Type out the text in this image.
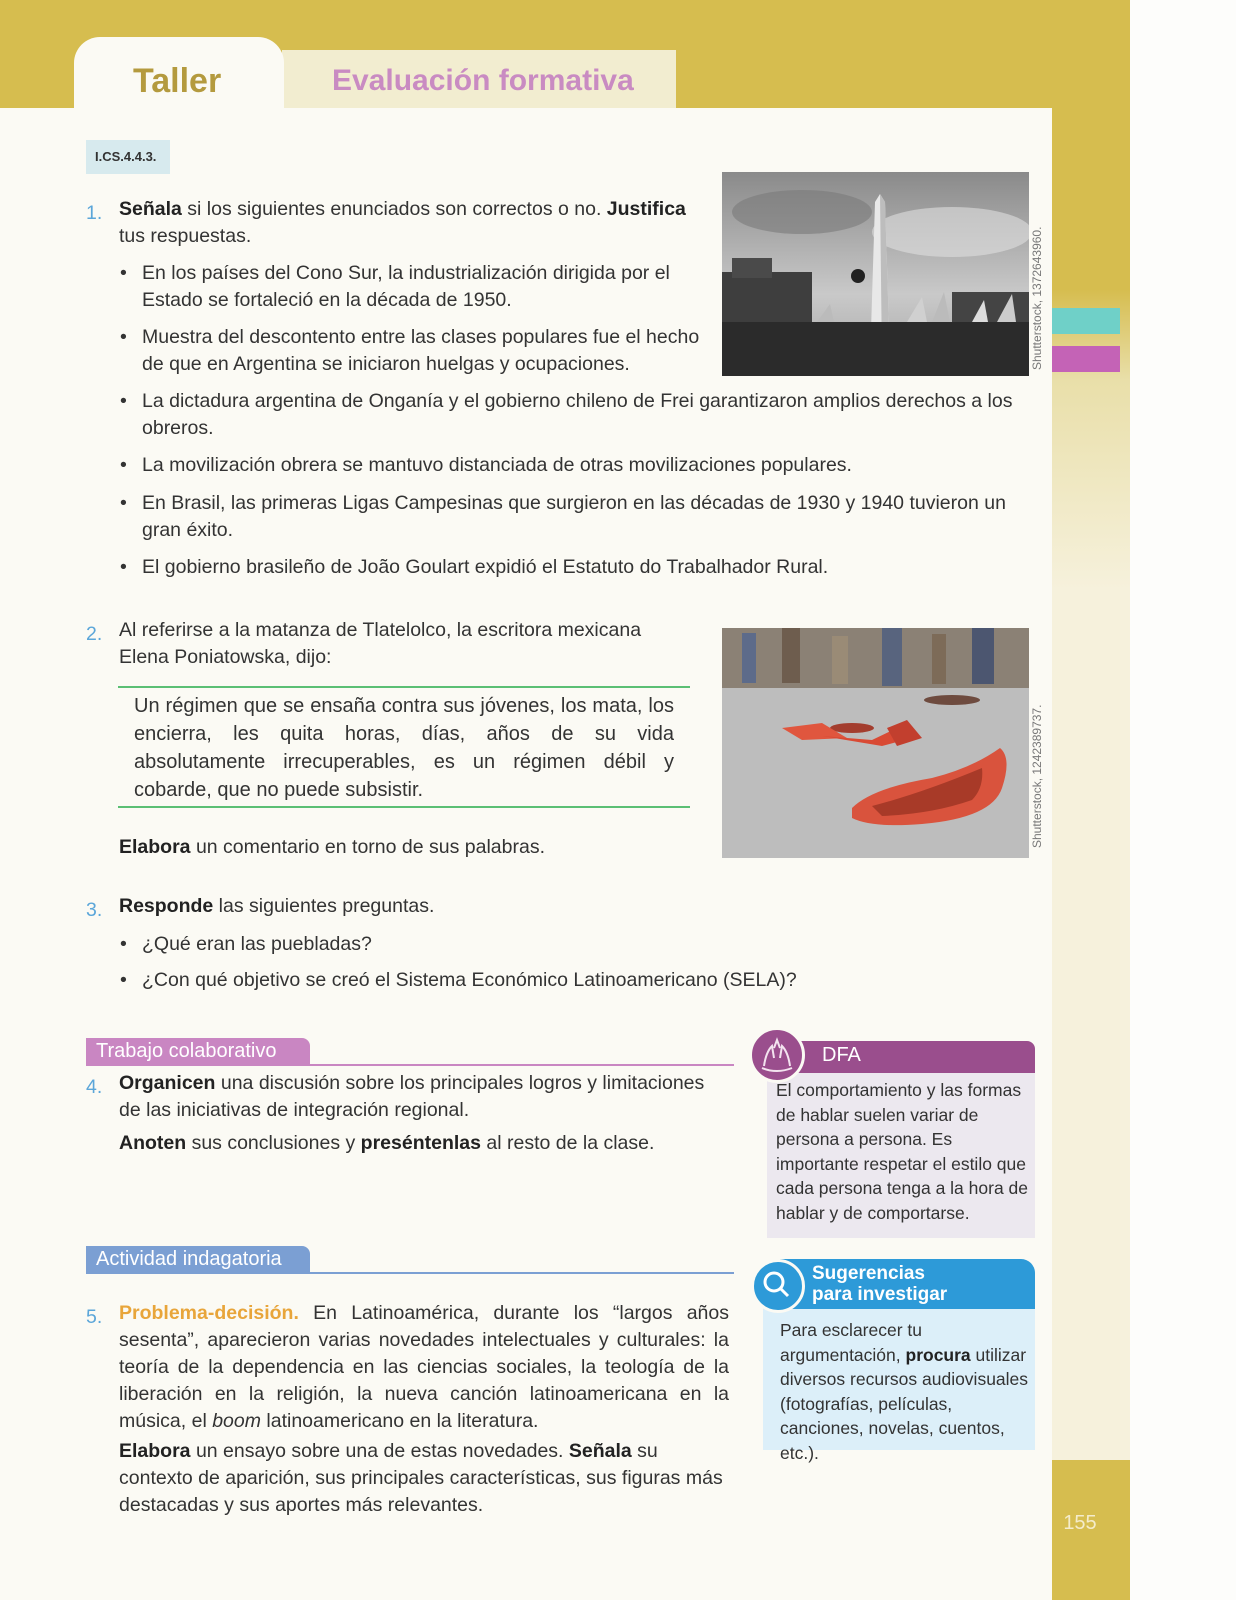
155
Evaluación formativa
Taller
I.CS.4.4.3.
1. Señala si los siguientes enunciados son correctos o no. Justifica tus respuestas.
• En los países del Cono Sur, la industrialización dirigida por el Estado se fortaleció en la década de 1950.
• Muestra del descontento entre las clases populares fue el hecho de que en Argentina se iniciaron huelgas y ocupaciones.
• La dictadura argentina de Onganía y el gobierno chileno de Frei garantizaron amplios derechos a los obreros.
• La movilización obrera se mantuvo distanciada de otras movilizaciones populares.
• En Brasil, las primeras Ligas Campesinas que surgieron en las décadas de 1930 y 1940 tuvieron un gran éxito.
• El gobierno brasileño de João Goulart expidió el Estatuto do Trabalhador Rural.
Shutterstock, 1372643960.
2. Al referirse a la matanza de Tlatelolco, la escritora mexicana Elena Poniatowska, dijo:
Un régimen que se ensaña contra sus jóvenes, los mata, los encierra, les quita horas, días, años de su vida absolutamente irrecuperables, es un régimen débil y cobarde, que no puede subsistir.
Elabora un comentario en torno de sus palabras.	Shutterstock, 1242389737.
3. Responde las siguientes preguntas.
• ¿Qué eran las puebladas?
• ¿Con qué objetivo se creó el Sistema Económico Latinoamericano (SELA)?
Trabajo colaborativo
4. Organicen una discusión sobre los principales logros y limitaciones de las iniciativas de integración regional.
Anoten sus conclusiones y preséntenlas al resto de la clase.
Actividad indagatoria
5. Problema-decisión. En Latinoamérica, durante los “largos años sesenta”, aparecieron varias novedades intelectuales y culturales: la teoría de la dependencia en las ciencias sociales, la teología de la liberación en la religión, la nueva canción latinoamericana en la música, el boom latinoamericano en la literatura.
Elabora un ensayo sobre una de estas novedades. Señala su contexto de aparición, sus principales características, sus figuras más destacadas y sus aportes más relevantes.
DFA
El comportamiento y las formas de hablar suelen variar de persona a persona. Es importante respetar el estilo que cada persona tenga a la hora de hablar y de comportarse.
Sugerencias
para investigar
Para esclarecer tu argumentación, procura utilizar diversos recursos audiovisuales (fotografías, películas, canciones, novelas, cuentos, etc.).
